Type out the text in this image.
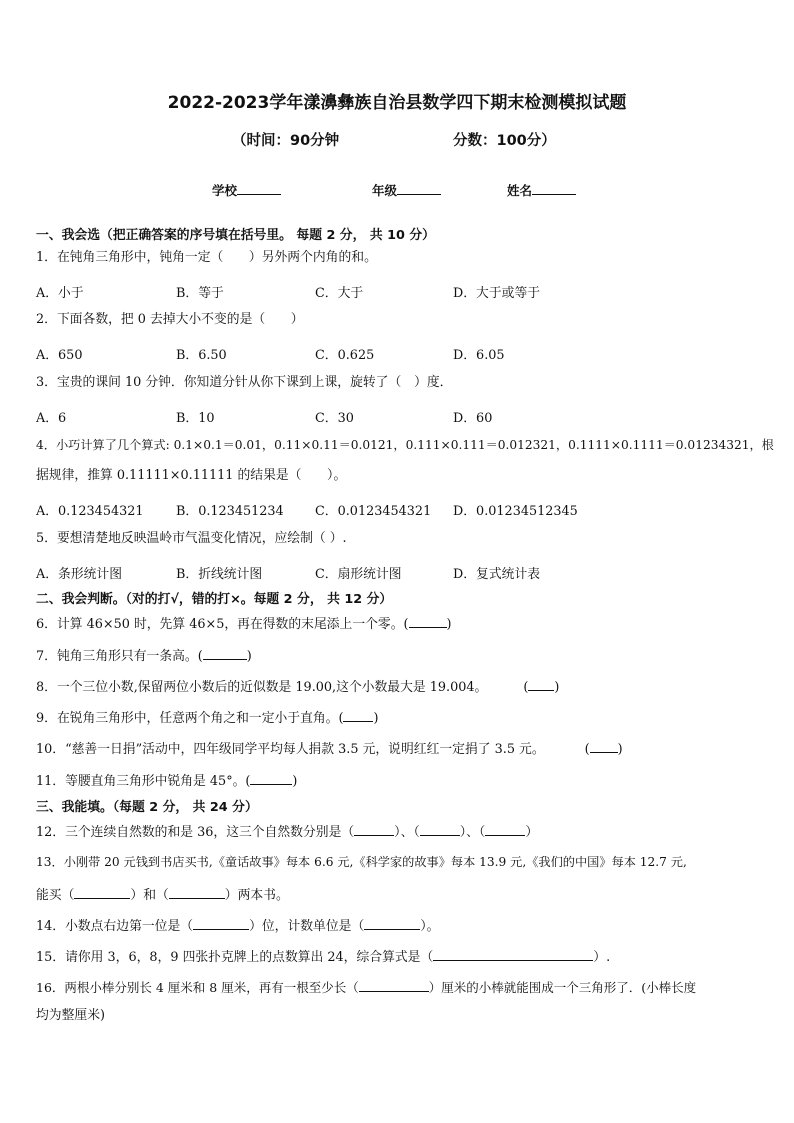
2022-2023学年漾濞彝族自治县数学四下期末检测模拟试题
（时间：90分钟	分数：100分）
学校	年级	姓名
一、我会选（把正确答案的序号填在括号里。 每题 2 分， 共 10 分）
1．在钝角三角形中，钝角一定（　　）另外两个内角的和。
A．小于	B．等于	C．大于	D．大于或等于
2．下面各数，把 0 去掉大小不变的是（　　）
A．650	B．6.50	C．0.625	D．6.05
3．宝贵的课间 10 分钟．你知道分针从你下课到上课，旋转了（　）度．
A．6	B．10	C．30	D．60
4．小巧计算了几个算式: 0.1×0.1＝0.01，0.11×0.11＝0.0121，0.111×0.111＝0.012321，0.1111×0.1111＝0.01234321，根
据规律，推算 0.11111×0.11111 的结果是（　　）。
A．0.123454321	B．0.123451234 C．0.0123454321 D．0.01234512345
5．要想清楚地反映温岭市气温变化情况，应绘制（ ）.
A．条形统计图	B．折线统计图	C．扇形统计图	D．复式统计表
二、我会判断。（对的打√，错的打×。每题 2 分， 共 12 分）
6．计算 46×50 时，先算 46×5，再在得数的末尾添上一个零。(	)
7．钝角三角形只有一条高。(	)
8．一个三位小数,保留两位小数后的近似数是 19.00,这个小数最大是 19.004。	( )
9．在锐角三角形中，任意两个角之和一定小于直角。( )
10．“慈善一日捐”活动中，四年级同学平均每人捐款 3.5 元，说明红红一定捐了 3.5 元。	( )
11．等腰直角三角形中锐角是 45°。(	)
三、我能填。（每题 2 分， 共 24 分）
12．三个连续自然数的和是 36，这三个自然数分别是（	）、（	）、（	）
13．小刚带 20 元钱到书店买书,《童话故事》每本 6.6 元,《科学家的故事》每本 13.9 元,《我们的中国》每本 12.7 元,
能买（	）和（	）两本书。
14．小数点右边第一位是（	）位，计数单位是（	）。
15．请你用 3，6，8，9 四张扑克牌上的点数算出 24，综合算式是（	）.
16．两根小棒分别长 4 厘米和 8 厘米，再有一根至少长（	）厘米的小棒就能围成一个三角形了．(小棒长度
均为整厘米)
